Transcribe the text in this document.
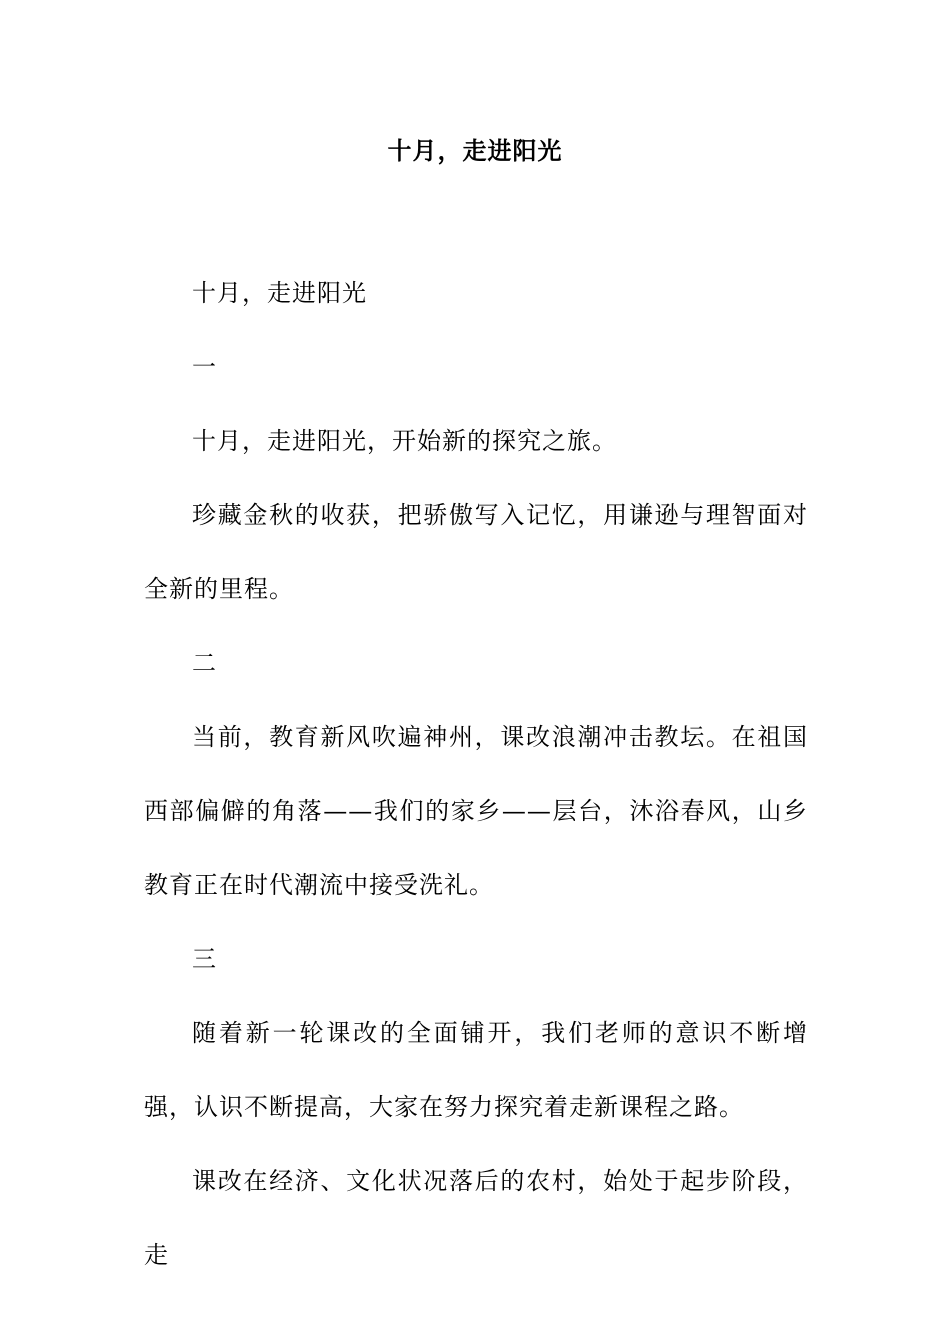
十月，走进阳光

十月，走进阳光

一

十月，走进阳光，开始新的探究之旅。

珍藏金秋的收获，把骄傲写入记忆，用谦逊与理智面对全新的里程。

二

当前，教育新风吹遍神州，课改浪潮冲击教坛。在祖国西部偏僻的角落——我们的家乡——层台，沐浴春风，山乡教育正在时代潮流中接受洗礼。

三

随着新一轮课改的全面铺开，我们老师的意识不断增强，认识不断提高，大家在努力探究着走新课程之路。

课改在经济、文化状况落后的农村，始处于起步阶段，走
